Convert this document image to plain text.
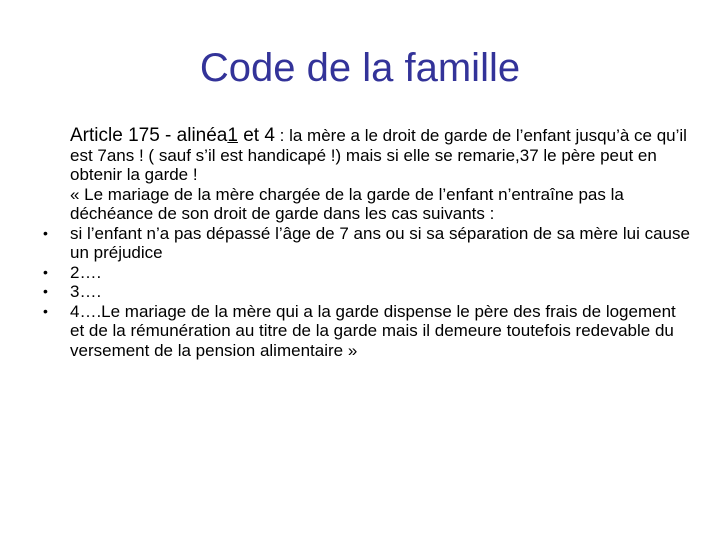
Code de la famille

Article 175 - alinéa1 et 4 : la mère a le droit de garde de l’enfant jusqu’à ce qu’il est 7ans ! ( sauf s’il est handicapé !) mais si elle se remarie,37 le père peut en obtenir la garde !

« Le mariage de la mère chargée de la garde de l’enfant n’entraîne pas la déchéance de son droit de garde dans les cas suivants :

•	si l’enfant n’a pas dépassé l’âge de 7 ans ou si sa séparation de sa mère lui cause un préjudice

•	2….

•	3….

•	4….Le mariage de la mère qui a la garde dispense le père des frais de logement et de la rémunération au titre de la garde mais il demeure toutefois redevable du versement de la pension alimentaire »
